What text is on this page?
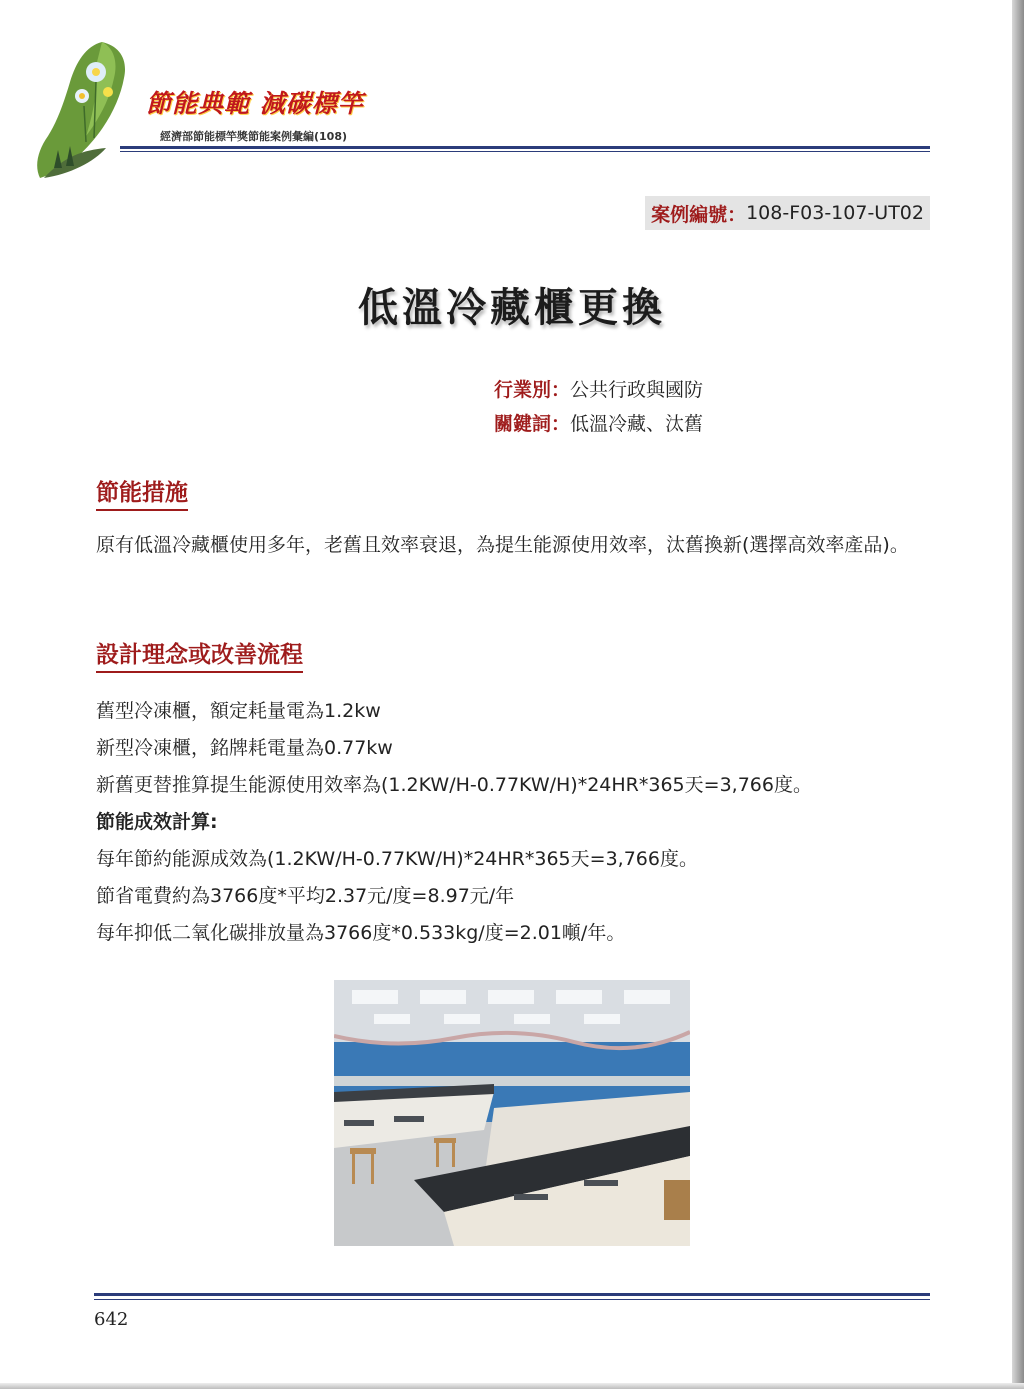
節能典範 減碳標竿
經濟部節能標竿獎節能案例彙編(108)
案例編號： 108-F03-107-UT02
低溫冷藏櫃更換
行業別：公共行政與國防
關鍵詞：低溫冷藏、汰舊
節能措施
原有低溫冷藏櫃使用多年，老舊且效率衰退，為提生能源使用效率，汰舊換新(選擇高效率產品)。
設計理念或改善流程
舊型冷凍櫃，額定耗量電為1.2kw
新型冷凍櫃，銘牌耗電量為0.77kw
新舊更替推算提生能源使用效率為(1.2KW/H-0.77KW/H)*24HR*365天=3,766度。
節能成效計算:
每年節約能源成效為(1.2KW/H-0.77KW/H)*24HR*365天=3,766度。
節省電費約為3766度*平均2.37元/度=8.97元/年
每年抑低二氧化碳排放量為3766度*0.533kg/度=2.01噸/年。
642
